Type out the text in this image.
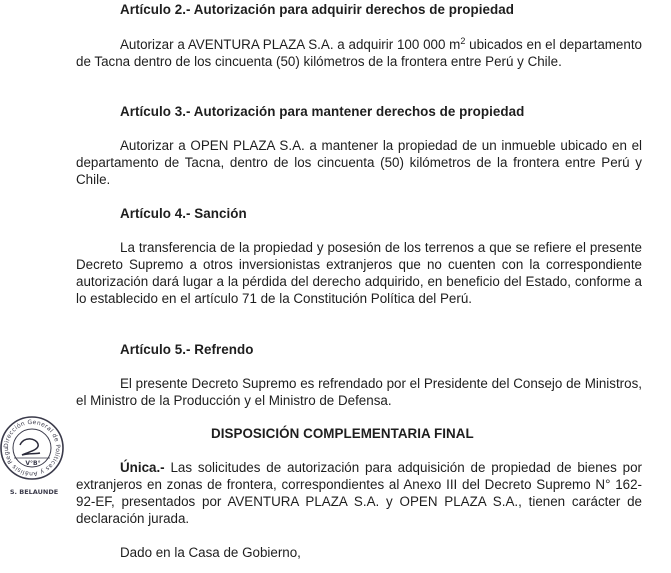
Artículo 2.- Autorización para adquirir derechos de propiedad
Autorizar a AVENTURA PLAZA S.A. a adquirir 100 000 $m^2$ ubicados en el departamento de Tacna dentro de los cincuenta (50) kilómetros de la frontera entre Perú y Chile.
Artículo 3.- Autorización para mantener derechos de propiedad
Autorizar a OPEN PLAZA S.A. a mantener la propiedad de un inmueble ubicado en el departamento de Tacna, dentro de los cincuenta (50) kilómetros de la frontera entre Perú y Chile.
Artículo 4.- Sanción
La transferencia de la propiedad y posesión de los terrenos a que se refiere el presente Decreto Supremo a otros inversionistas extranjeros que no cuenten con la correspondiente autorización dará lugar a la pérdida del derecho adquirido, en beneficio del Estado, conforme a lo establecido en el artículo 71 de la Constitución Política del Perú.
Artículo 5.- Refrendo
El presente Decreto Supremo es refrendado por el Presidente del Consejo de Ministros, el Ministro de la Producción y el Ministro de Defensa.
DISPOSICIÓN COMPLEMENTARIA FINAL
Única.- Las solicitudes de autorización para adquisición de propiedad de bienes por extranjeros en zonas de frontera, correspondientes al Anexo III del Decreto Supremo N° 162-92-EF, presentados por AVENTURA PLAZA S.A. y OPEN PLAZA S.A., tienen carácter de declaración jurada.
Dado en la Casa de Gobierno,
Dirección General de Políticas y Análisis Regu
V°B°
S. BELAUNDE
